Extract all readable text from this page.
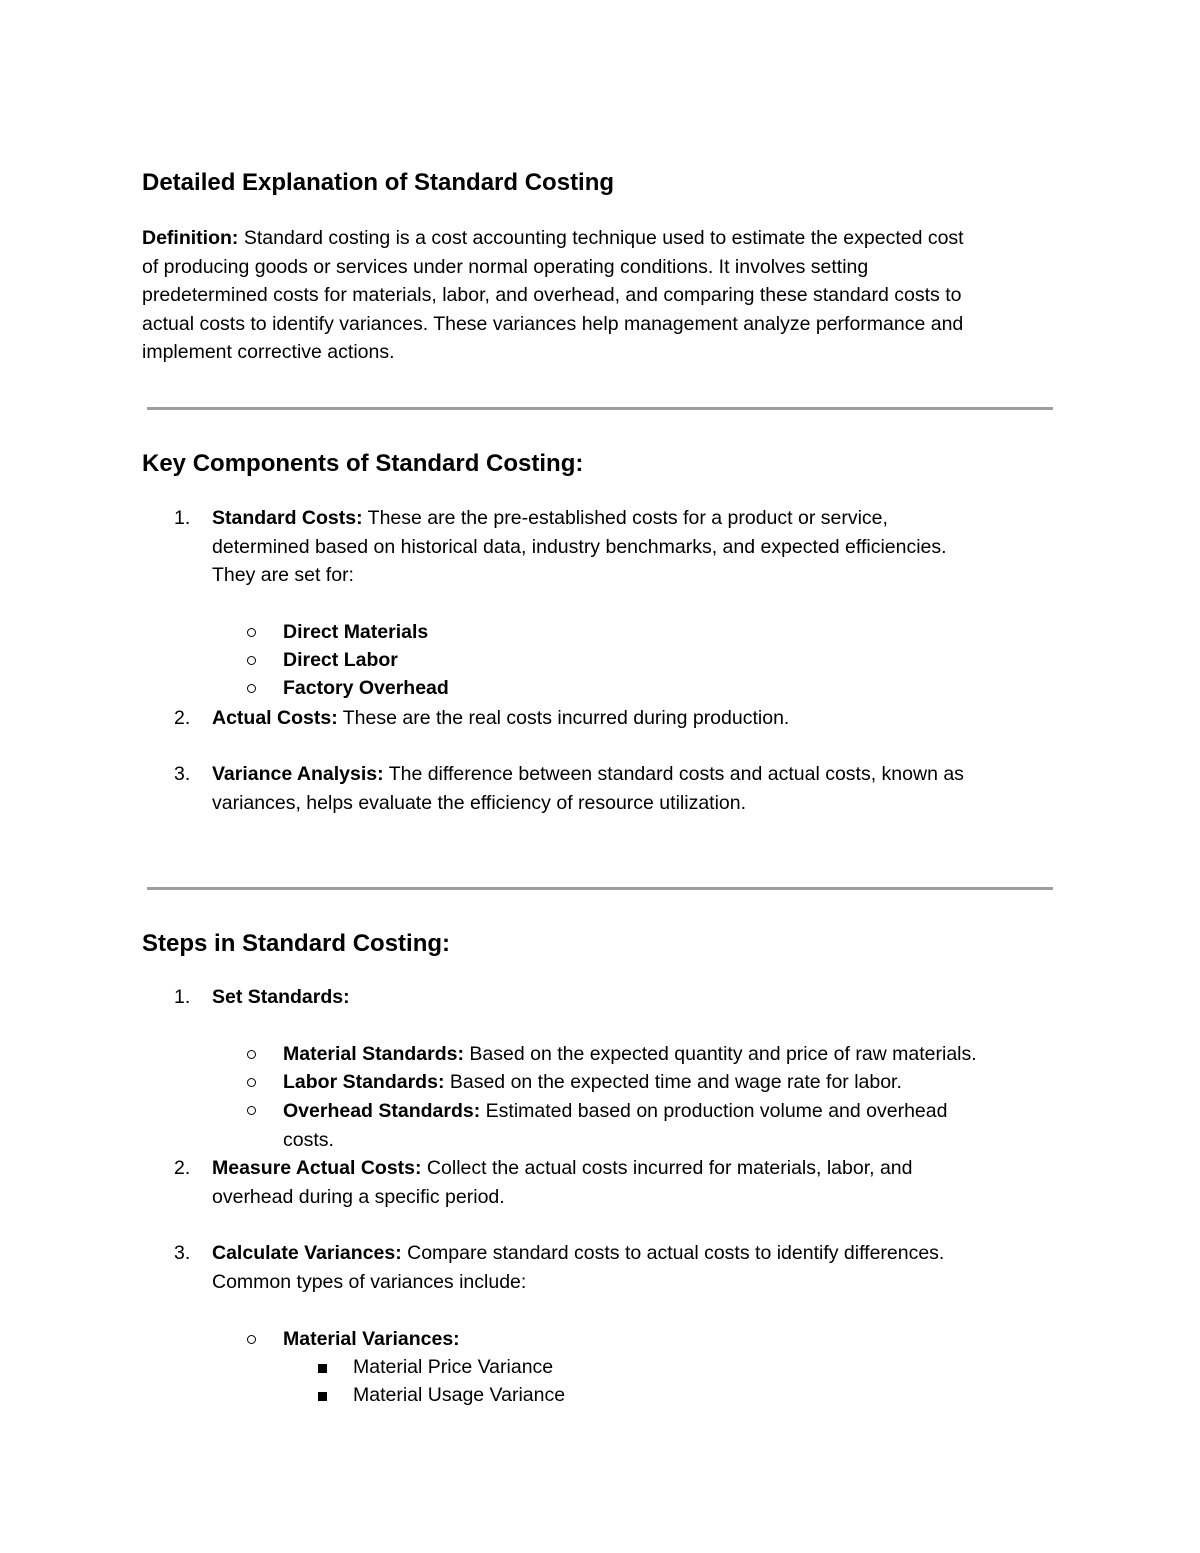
Detailed Explanation of Standard Costing
Definition: Standard costing is a cost accounting technique used to estimate the expected cost
of producing goods or services under normal operating conditions. It involves setting
predetermined costs for materials, labor, and overhead, and comparing these standard costs to
actual costs to identify variances. These variances help management analyze performance and
implement corrective actions.
Key Components of Standard Costing:
1. Standard Costs: These are the pre-established costs for a product or service,
determined based on historical data, industry benchmarks, and expected efficiencies.
They are set for:
Direct Materials
Direct Labor
Factory Overhead
2. Actual Costs: These are the real costs incurred during production.
3. Variance Analysis: The difference between standard costs and actual costs, known as
variances, helps evaluate the efficiency of resource utilization.
Steps in Standard Costing:
1. Set Standards:
Material Standards: Based on the expected quantity and price of raw materials.
Labor Standards: Based on the expected time and wage rate for labor.
Overhead Standards: Estimated based on production volume and overhead
costs.
2. Measure Actual Costs: Collect the actual costs incurred for materials, labor, and
overhead during a specific period.
3. Calculate Variances: Compare standard costs to actual costs to identify differences.
Common types of variances include:
Material Variances:
Material Price Variance
Material Usage Variance
